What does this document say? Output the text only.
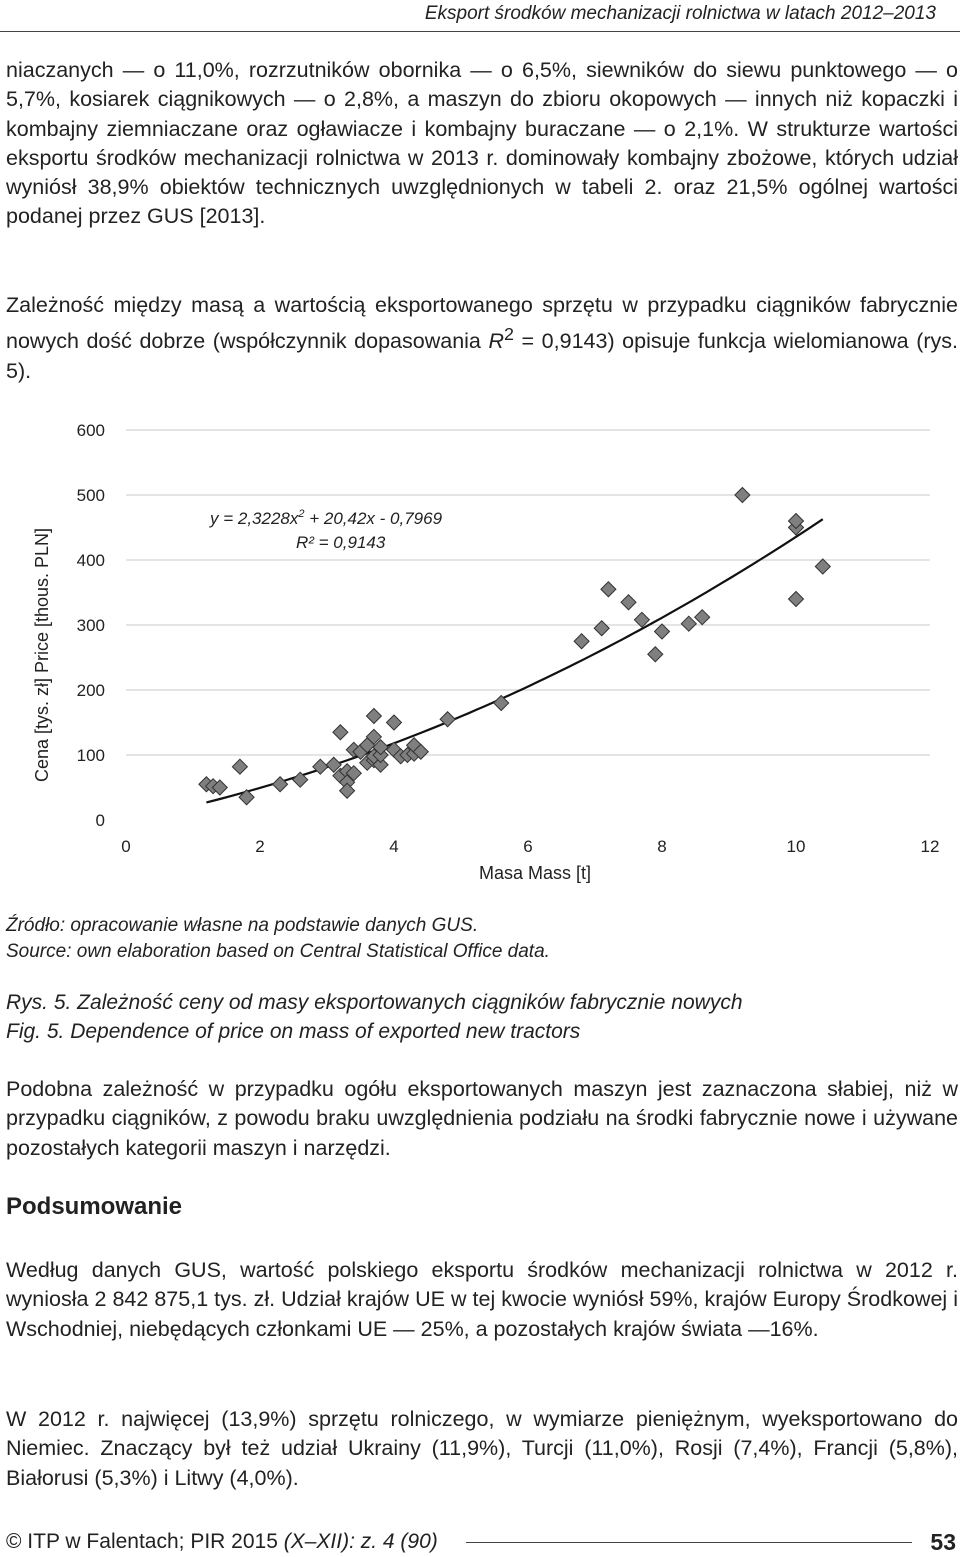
Eksport środków mechanizacji rolnictwa w latach 2012–2013

niaczanych — o 11,0%, rozrzutników obornika — o 6,5%, siewników do siewu punktowego — o 5,7%, kosiarek ciągnikowych — o 2,8%, a maszyn do zbioru okopowych — innych niż kopaczki i kombajny ziemniaczane oraz ogławiacze i kombajny buraczane — o 2,1%. W strukturze wartości eksportu środków mechanizacji rolnictwa w 2013 r. dominowały kombajny zbożowe, których udział wyniósł 38,9% obiektów technicznych uwzględnionych w tabeli 2. oraz 21,5% ogólnej wartości podanej przez GUS [2013].

Zależność między masą a wartością eksportowanego sprzętu w przypadku ciągników fabrycznie nowych dość dobrze (współczynnik dopasowania $R^2 = 0,9143$) opisuje funkcja wielomianowa (rys. 5).

0
100
200
300
400
500
600
0	2	4	6	8	10	12
$y = 2,3228x^2 + 20,42x - 0,7969$
R² = 0,9143
Masa Mass [t]
Cena [tys. zł] Price [thous. PLN]
Źródło: opracowanie własne na podstawie danych GUS.
Source: own elaboration based on Central Statistical Office data.
Rys. 5. Zależność ceny od masy eksportowanych ciągników fabrycznie nowych
Fig. 5. Dependence of price on mass of exported new tractors

Podobna zależność w przypadku ogółu eksportowanych maszyn jest zaznaczona słabiej, niż w przypadku ciągników, z powodu braku uwzględnienia podziału na środki fabrycznie nowe i używane pozostałych kategorii maszyn i narzędzi.

Podsumowanie

Według danych GUS, wartość polskiego eksportu środków mechanizacji rolnictwa w 2012 r. wyniosła 2 842 875,1 tys. zł. Udział krajów UE w tej kwocie wyniósł 59%, krajów Europy Środkowej i Wschodniej, niebędących członkami UE — 25%, a pozostałych krajów świata —16%.

W 2012 r. najwięcej (13,9%) sprzętu rolniczego, w wymiarze pieniężnym, wyeksportowano do Niemiec. Znaczący był też udział Ukrainy (11,9%), Turcji (11,0%), Rosji (7,4%), Francji (5,8%), Białorusi (5,3%) i Litwy (4,0%).

© ITP w Falentach; PIR 2015 (X–XII): z. 4 (90)	53
